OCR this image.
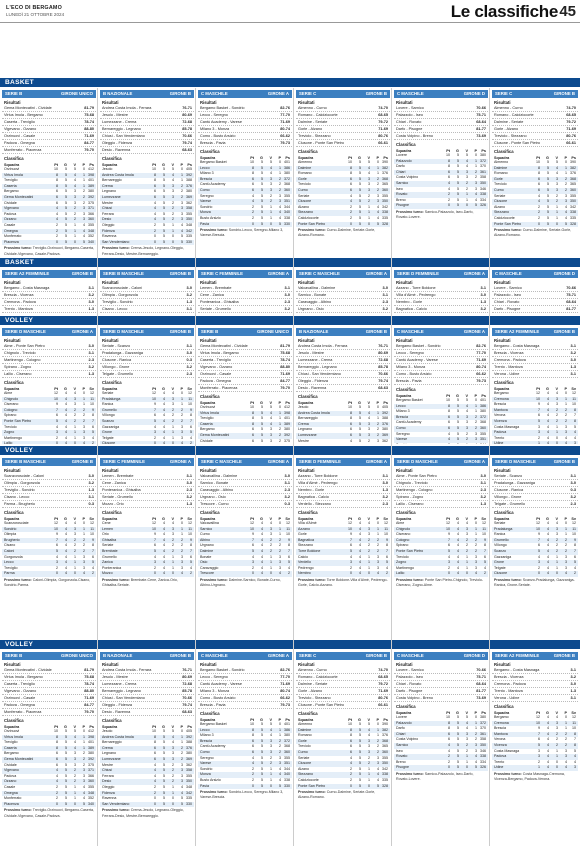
L'ECO DI BERGAMO
LUNEDÌ 21 OTTOBRE 2024	Le classifiche 45
BASKET
BASKET
VOLLEY
VOLLEY
VOLLEY
SERIE B	GIRONE UNICO
Risultati
Gema Montecatini - Cividale	81-79
Virtus Imola - Bergamo	75-68
Caserta - Treviglio	78-74
Vigevano - Ozzano	88-80
Orzinuovi - Casale	71-69
Padova - Omegna	84-77
Monferrato - Piacenza	79-70
Classifica
Squadra	Pt	G	V	P	Ps
Orzinuovi	10	5	5	0 412
Virtus Imola	8	5	4	1 398
Treviglio	8	5	4	1 401
Caserta	8	5	4	1 389
Bergamo	6	5	3	2 380
Gema Montecatini	6	5	3	2 392
Cividale	6	5	3	2 375
Vigevano	4	5	2	3 371
Padova	4	5	2	3 366
Ozzano	4	5	2	3 360
Casale	2	5	1	4 355
Omegna	2	5	1	4 348
Monferrato	2	5	1	4 352
Piacenza	0	5	0	5 340
Prossimo turno: Treviglio-Orzinuovi, Bergamo-Caserta, Cividale-Vigevano, Casale-Padova.
B NAZIONALE	GIRONE B
Risultati
Andrea Costa Imola - Ferrara	76-71
Jesolo - Mestre	80-69
Lumezzane - Crema	72-68
Bernareggio - Legnano	85-78
Chiusi - San Vendemiano	70-66
Oleggio - Fidenza	79-74
Desio - Ravenna	68-63
Classifica
Squadra	Pt	G	V	P	Ps
Jesolo	10	5	5	0 405
Andrea Costa Imola	8	5	4	1 392
Bernareggio	8	5	4	1 388
Crema	6	5	3	2 376
Legnano	6	5	3	2 380
Lumezzane	6	5	3	2 369
Mestre	4	5	2	3 362
Chiusi	4	5	2	3 358
Ferrara	4	5	2	3 355
Desio	4	5	2	3 350
Oleggio	2	5	1	4 348
Fidenza	2	5	1	4 342
Ravenna	0	5	0	5 335
San Vendemiano	0	5	0	5 330
Prossimo turno: Crema-Jesolo, Legnano-Oleggio, Ferrara-Desio, Mestre-Bernareggio.
C MASCHILE	GIRONE A
Risultati
Bergamo Basket - Sondrio	82-76
Lecco - Seregno	77-70
Cantù Academy - Varese	71-69
Milano 3 - Monza	80-74
Como - Busto Arsizio	66-62
Brescia - Pavia	79-73
Classifica
Squadra	Pt	G	V	P	Ps
Bergamo Basket	10	5	5	0 401
Lecco	8	5	4	1 386
Milano 3	8	5	4	1 380
Brescia	6	5	3	2 372
Cantù Academy	6	5	3	2 368
Como	6	5	3	2 360
Seregno	4	5	2	3 355
Varese	4	5	2	3 351
Sondrio	2	5	1	4 344
Monza	2	5	1	4 340
Busto Arsizio	2	5	1	4 338
Pavia	0	5	0	5 330
Prossimo turno: Sondrio-Lecco, Seregno-Milano 3, Varese-Brescia.
SERIE C	GIRONE B
Risultati
Almenno - Curno	74-70
Romano - Calolziocorte	68-65
Dalmine - Seriate	79-72
Gorle - Alzano	71-69
Treviolo - Stezzano	80-76
Clusone - Ponte San Pietro	66-61
Classifica
Squadra	Pt	G	V	P	Ps
Almenno	10	5	5	0 390
Dalmine	8	5	4	1 382
Romano	8	5	4	1 376
Gorle	6	5	3	2 368
Treviolo	6	5	3	2 365
Curno	6	5	3	2 360
Seriate	4	5	2	3 355
Clusone	4	5	2	3 350
Alzano	2	5	1	4 342
Stezzano	2	5	1	4 338
Calolziocorte	2	5	1	4 335
Ponte San Pietro	0	5	0	5 328
Prossimo turno: Curno-Dalmine, Seriate-Gorle, Alzano-Romano.
C MASCHILE	GIRONE D
Risultati
Lovere - Sarnico	70-66
Palazzolo - Iseo	75-71
Chiari - Rovato	68-64
Darfo - Pisogne	81-77
Costa Volpino - Breno	73-69
Classifica
Squadra	Pt	G	V	P	Ps
Lovere	10	5	5	0 380
Palazzolo	8	5	4	1 372
Darfo	8	5	4	1 370
Chiari	6	5	3	2 361
Costa Volpino	6	5	3	2 358
Sarnico	4	5	2	3 350
Iseo	4	5	2	3 346
Rovato	2	5	1	4 338
Breno	2	5	1	4 334
Pisogne	0	5	0	5 326
Prossimo turno: Sarnico-Palazzolo, Iseo-Darfo, Rovato-Lovere.
SERIE A2 FEMMINILE	GIRONE B
Risultati
Bergamo - Costa Masnaga	3-1
Brescia - Vicenza	3-2
Cremona - Padova	3-0
Trento - Mantova	1-3
SERIE B MASCHILE	GIRONE B
Risultati
Scanzorosciate - Caloni	3-0
Olimpia - Gorgonzola	3-2
Treviglio - Sondrio	1-3
Cisano - Lecco	3-1
SERIE C FEMMINILE	GIRONE A
Risultati
Lemen - Brembate	3-1
Cene - Zanica	3-0
Ponteranica - Ghisalba	2-3
Seriate - Grumello	3-2
SERIE C MASCHILE	GIRONE A
Risultati
Valcavallina - Dalmine	3-0
Sarnico - Bonate	3-1
Caravaggio - Albino	2-3
Urgnano - Osio	3-2
SERIE D FEMMINILE	GIRONE A
Risultati
Azzano - Torre Boldone	3-1
Villa d'Almè - Pedrengo	3-0
Nembro - Gorle	1-3
Bagnatica - Calcio	3-2
SERIE D MASCHILE	GIRONE A
Risultati
Alme - Ponte San Pietro	3-0
Chignolo - Treviolo	3-1
Martinengo - Cologno	2-3
Spirano - Zogno	3-2
Lallio - Ciserano	1-3
Classifica
Squadra	Pt	G	V	P	Sv
Alme	12	4	4	0	12
Chignolo	10	4	3	1	11
Ciserano	9	4	3	1	10
Cologno	7	4	2	2	9
Spirano	6	4	2	2	8
Ponte San Pietro	5	4	2	2	7
Treviolo	4	4	1	3	6
Zogno	3	4	1	3	5
Martinengo	2	4	1	3	4
Lallio	0	4	0	4	2
SERIE D MASCHILE	GIRONE B
Risultati
Seriate - Scanzo	3-1
Pradalunga - Gazzaniga	3-0
Clusone - Ranica	0-3
Villongo - Grone	3-2
Telgate - Grumello	2-3
Classifica
Squadra	Pt	G	V	P	Sv
Seriate	12	4	4	0	12
Pradalunga	10	4	3	1	11
Ranica	9	4	3	1	10
Grumello	7	4	2	2	9
Villongo	6	4	2	2	8
Scanzo	5	4	2	2	7
Gazzaniga	4	4	1	3	6
Grone	3	4	1	3	5
Telgate	2	4	1	3	4
Clusone	0	4	0	4	2
SERIE B	GIRONE UNICO
Risultati
Gema Montecatini - Cividale	81-79
Virtus Imola - Bergamo	75-68
Caserta - Treviglio	78-74
Vigevano - Ozzano	88-80
Orzinuovi - Casale	71-69
Padova - Omegna	84-77
Monferrato - Piacenza	79-70
Classifica
Squadra	Pt	G	V	P	Ps
Orzinuovi	10	5	5	0 412
Virtus Imola	8	5	4	1 398
Treviglio	8	5	4	1 401
Caserta	8	5	4	1 389
Bergamo	6	5	3	2 380
Gema Montecatini	6	5	3	2 392
Cividale	6	5	3	2 375
B NAZIONALE	GIRONE B
Risultati
Andrea Costa Imola - Ferrara	76-71
Jesolo - Mestre	80-69
Lumezzane - Crema	72-68
Bernareggio - Legnano	85-78
Chiusi - San Vendemiano	70-66
Oleggio - Fidenza	79-74
Desio - Ravenna	68-63
Classifica
Squadra	Pt	G	V	P	Ps
Jesolo	10	5	5	0 405
Andrea Costa Imola	8	5	4	1 392
Bernareggio	8	5	4	1 388
Crema	6	5	3	2 376
Legnano	6	5	3	2 380
Lumezzane	6	5	3	2 369
Mestre	4	5	2	3 362
C MASCHILE	GIRONE A
Risultati
Bergamo Basket - Sondrio	82-76
Lecco - Seregno	77-70
Cantù Academy - Varese	71-69
Milano 3 - Monza	80-74
Como - Busto Arsizio	66-62
Brescia - Pavia	79-73
Classifica
Squadra	Pt	G	V	P	Ps
Bergamo Basket	10	5	5	0 401
Lecco	8	5	4	1 386
Milano 3	8	5	4	1 380
Brescia	6	5	3	2 372
Cantù Academy	6	5	3	2 368
Como	6	5	3	2 360
Seregno	4	5	2	3 355
Varese	4	5	2	3 351
SERIE C	GIRONE B
Risultati
Almenno - Curno	74-70
Romano - Calolziocorte	68-65
Dalmine - Seriate	79-72
Gorle - Alzano	71-69
Treviolo - Stezzano	80-76
Clusone - Ponte San Pietro	66-61
Classifica
Squadra	Pt	G	V	P	Ps
Almenno	10	5	5	0 390
Dalmine	8	5	4	1 382
Romano	8	5	4	1 376
Gorle	6	5	3	2 368
Treviolo	6	5	3	2 365
Curno	6	5	3	2 360
Seriate	4	5	2	3 355
Clusone	4	5	2	3 350
Alzano	2	5	1	4 342
Stezzano	2	5	1	4 338
Calolziocorte	2	5	1	4 335
Ponte San Pietro	0	5	0	5 328
Prossimo turno: Curno-Dalmine, Seriate-Gorle, Alzano-Romano.
C MASCHILE	GIRONE D
Risultati
Lovere - Sarnico	70-66
Palazzolo - Iseo	75-71
Chiari - Rovato	68-64
Darfo - Pisogne	81-77
SERIE A2 FEMMINILE	GIRONE B
Risultati
Bergamo - Costa Masnaga	3-1
Brescia - Vicenza	3-2
Cremona - Padova	3-0
Trento - Mantova	1-3
Verona - Udine	3-1
Classifica
Squadra	Pt	G	V	P	Sv
Bergamo	12	4	4	0	12
Cremona	10	4	3	1	11
Brescia	9	4	3	1	10
Mantova	7	4	2	2	8
Verona	6	4	2	2	7
Vicenza	5	4	2	2	8
Costa Masnaga	3	4	1	3	5
Padova	3	4	1	3	4
Trento	2	4	0	4	4
Udine	1	4	0	4	3
SERIE B MASCHILE	GIRONE B
Risultati
Scanzorosciate - Caloni	3-0
Olimpia - Gorgonzola	3-2
Treviglio - Sondrio	1-3
Cisano - Lecco	3-1
Parma - Brugherio	0-3
Classifica
Squadra	Pt	G	V	P	Sv
Scanzorosciate	12	4	4	0	12
Sondrio	10	4	3	1	11
Olimpia	9	4	3	1	10
Brugherio	7	4	2	2	9
Cisano	6	4	2	2	8
Caloni	5	4	2	2	7
Gorgonzola	4	4	1	3	6
Lecco	3	4	1	3	5
Treviglio	2	4	1	3	4
Parma	0	4	0	4	2
Prossimo turno: Caloni-Olimpia, Gorgonzola-Cisano, Sondrio-Parma.
SERIE C FEMMINILE	GIRONE A
Risultati
Lemen - Brembate	3-1
Cene - Zanica	3-0
Ponteranica - Ghisalba	2-3
Seriate - Grumello	3-2
Mozzo - Orio	1-3
Classifica
Squadra	Pt	G	V	P	Sv
Cene	12	4	4	0	12
Lemen	10	4	3	1	11
Orio	9	4	3	1	10
Ghisalba	7	4	2	2	9
Seriate	6	4	2	2	8
Brembate	5	4	2	2	7
Grumello	4	4	1	3	6
Zanica	3	4	1	3	5
Ponteranica	2	4	1	3	4
Mozzo	0	4	0	4	2
Prossimo turno: Brembate-Cene, Zanica-Orio, Ghisalba-Seriate.
SERIE C MASCHILE	GIRONE A
Risultati
Valcavallina - Dalmine	3-0
Sarnico - Bonate	3-1
Caravaggio - Albino	2-3
Urgnano - Osio	3-2
Trescore - Curno	0-3
Classifica
Squadra	Pt	G	V	P	Sv
Valcavallina	12	4	4	0	12
Sarnico	10	4	3	1	11
Curno	9	4	3	1	10
Albino	7	4	2	2	9
Urgnano	6	4	2	2	8
Dalmine	5	4	2	2	7
Bonate	4	4	1	3	6
Osio	3	4	1	3	5
Caravaggio	2	4	1	3	4
Trescore	0	4	0	4	2
Prossimo turno: Dalmine-Sarnico, Bonate-Curno, Albino-Urgnano.
SERIE D FEMMINILE	GIRONE A
Risultati
Azzano - Torre Boldone	3-1
Villa d'Almè - Pedrengo	3-0
Nembro - Gorle	1-3
Bagnatica - Calcio	3-2
Verdello - Stezzano	2-3
Classifica
Squadra	Pt	G	V	P	Sv
Villa d'Almè	12	4	4	0	12
Azzano	10	4	3	1	11
Gorle	9	4	3	1	10
Bagnatica	7	4	2	2	9
Stezzano	6	4	2	2	8
Torre Boldone	5	4	2	2	7
Calcio	4	4	1	3	6
Verdello	3	4	1	3	5
Pedrengo	2	4	1	3	4
Nembro	0	4	0	4	2
Prossimo turno: Torre Boldone-Villa d'Almè, Pedrengo-Gorle, Calcio-Azzano.
SERIE D MASCHILE	GIRONE A
Risultati
Alme - Ponte San Pietro	3-0
Chignolo - Treviolo	3-1
Martinengo - Cologno	2-3
Spirano - Zogno	3-2
Lallio - Ciserano	1-3
Classifica
Squadra	Pt	G	V	P	Sv
Alme	12	4	4	0	12
Chignolo	10	4	3	1	11
Ciserano	9	4	3	1	10
Cologno	7	4	2	2	9
Spirano	6	4	2	2	8
Ponte San Pietro	5	4	2	2	7
Treviolo	4	4	1	3	6
Zogno	3	4	1	3	5
Martinengo	2	4	1	3	4
Lallio	0	4	0	4	2
Prossimo turno: Ponte San Pietro-Chignolo, Treviolo-Ciserano, Zogno-Alme.
SERIE D MASCHILE	GIRONE B
Risultati
Seriate - Scanzo	3-1
Pradalunga - Gazzaniga	3-0
Clusone - Ranica	0-3
Villongo - Grone	3-2
Telgate - Grumello	2-3
Classifica
Squadra	Pt	G	V	P	Sv
Seriate	12	4	4	0	12
Pradalunga	10	4	3	1	11
Ranica	9	4	3	1	10
Grumello	7	4	2	2	9
Villongo	6	4	2	2	8
Scanzo	5	4	2	2	7
Gazzaniga	4	4	1	3	6
Grone	3	4	1	3	5
Telgate	2	4	1	3	4
Clusone	0	4	0	4	2
Prossimo turno: Scanzo-Pradalunga, Gazzaniga-Ranica, Grone-Seriate.
SERIE B	GIRONE UNICO
Risultati
Gema Montecatini - Cividale	81-79
Virtus Imola - Bergamo	75-68
Caserta - Treviglio	78-74
Vigevano - Ozzano	88-80
Orzinuovi - Casale	71-69
Padova - Omegna	84-77
Monferrato - Piacenza	79-70
Classifica
Squadra	Pt	G	V	P	Ps
Orzinuovi	10	5	5	0 412
Virtus Imola	8	5	4	1 398
Treviglio	8	5	4	1 401
Caserta	8	5	4	1 389
Bergamo	6	5	3	2 380
Gema Montecatini	6	5	3	2 392
Cividale	6	5	3	2 375
Vigevano	4	5	2	3 371
Padova	4	5	2	3 366
Ozzano	4	5	2	3 360
Casale	2	5	1	4 355
Omegna	2	5	1	4 348
Monferrato	2	5	1	4 352
Piacenza	0	5	0	5 340
Prossimo turno: Treviglio-Orzinuovi, Bergamo-Caserta, Cividale-Vigevano, Casale-Padova.
B NAZIONALE	GIRONE B
Risultati
Andrea Costa Imola - Ferrara	76-71
Jesolo - Mestre	80-69
Lumezzane - Crema	72-68
Bernareggio - Legnano	85-78
Chiusi - San Vendemiano	70-66
Oleggio - Fidenza	79-74
Desio - Ravenna	68-63
Classifica
Squadra	Pt	G	V	P	Ps
Jesolo	10	5	5	0 405
Andrea Costa Imola	8	5	4	1 392
Bernareggio	8	5	4	1 388
Crema	6	5	3	2 376
Legnano	6	5	3	2 380
Lumezzane	6	5	3	2 369
Mestre	4	5	2	3 362
Chiusi	4	5	2	3 358
Ferrara	4	5	2	3 355
Desio	4	5	2	3 350
Oleggio	2	5	1	4 348
Fidenza	2	5	1	4 342
Ravenna	0	5	0	5 335
San Vendemiano	0	5	0	5 330
Prossimo turno: Crema-Jesolo, Legnano-Oleggio, Ferrara-Desio, Mestre-Bernareggio.
C MASCHILE	GIRONE A
Risultati
Bergamo Basket - Sondrio	82-76
Lecco - Seregno	77-70
Cantù Academy - Varese	71-69
Milano 3 - Monza	80-74
Como - Busto Arsizio	66-62
Brescia - Pavia	79-73
Classifica
Squadra	Pt	G	V	P	Ps
Bergamo Basket	10	5	5	0 401
Lecco	8	5	4	1 386
Milano 3	8	5	4	1 380
Brescia	6	5	3	2 372
Cantù Academy	6	5	3	2 368
Como	6	5	3	2 360
Seregno	4	5	2	3 355
Varese	4	5	2	3 351
Sondrio	2	5	1	4 344
Monza	2	5	1	4 340
Busto Arsizio	2	5	1	4 338
Pavia	0	5	0	5 330
Prossimo turno: Sondrio-Lecco, Seregno-Milano 3, Varese-Brescia.
SERIE C	GIRONE B
Risultati
Almenno - Curno	74-70
Romano - Calolziocorte	68-65
Dalmine - Seriate	79-72
Gorle - Alzano	71-69
Treviolo - Stezzano	80-76
Clusone - Ponte San Pietro	66-61
Classifica
Squadra	Pt	G	V	P	Ps
Almenno	10	5	5	0 390
Dalmine	8	5	4	1 382
Romano	8	5	4	1 376
Gorle	6	5	3	2 368
Treviolo	6	5	3	2 365
Curno	6	5	3	2 360
Seriate	4	5	2	3 355
Clusone	4	5	2	3 350
Alzano	2	5	1	4 342
Stezzano	2	5	1	4 338
Calolziocorte	2	5	1	4 335
Ponte San Pietro	0	5	0	5 328
Prossimo turno: Curno-Dalmine, Seriate-Gorle, Alzano-Romano.
C MASCHILE	GIRONE D
Risultati
Lovere - Sarnico	70-66
Palazzolo - Iseo	75-71
Chiari - Rovato	68-64
Darfo - Pisogne	81-77
Costa Volpino - Breno	73-69
Classifica
Squadra	Pt	G	V	P	Ps
Lovere	10	5	5	0 380
Palazzolo	8	5	4	1 372
Darfo	8	5	4	1 370
Chiari	6	5	3	2 361
Costa Volpino	6	5	3	2 358
Sarnico	4	5	2	3 350
Iseo	4	5	2	3 346
Rovato	2	5	1	4 338
Breno	2	5	1	4 334
Pisogne	0	5	0	5 326
Prossimo turno: Sarnico-Palazzolo, Iseo-Darfo, Rovato-Lovere.
SERIE A2 FEMMINILE	GIRONE B
Risultati
Bergamo - Costa Masnaga	3-1
Brescia - Vicenza	3-2
Cremona - Padova	3-0
Trento - Mantova	1-3
Verona - Udine	3-1
Classifica
Squadra	Pt	G	V	P	Sv
Bergamo	12	4	4	0	12
Cremona	10	4	3	1	11
Brescia	9	4	3	1	10
Mantova	7	4	2	2	8
Verona	6	4	2	2	7
Vicenza	5	4	2	2	8
Costa Masnaga	3	4	1	3	5
Padova	3	4	1	3	4
Trento	2	4	0	4	4
Udine	1	4	0	4	3
Prossimo turno: Costa Masnaga-Cremona, Vicenza-Bergamo, Padova-Verona.
